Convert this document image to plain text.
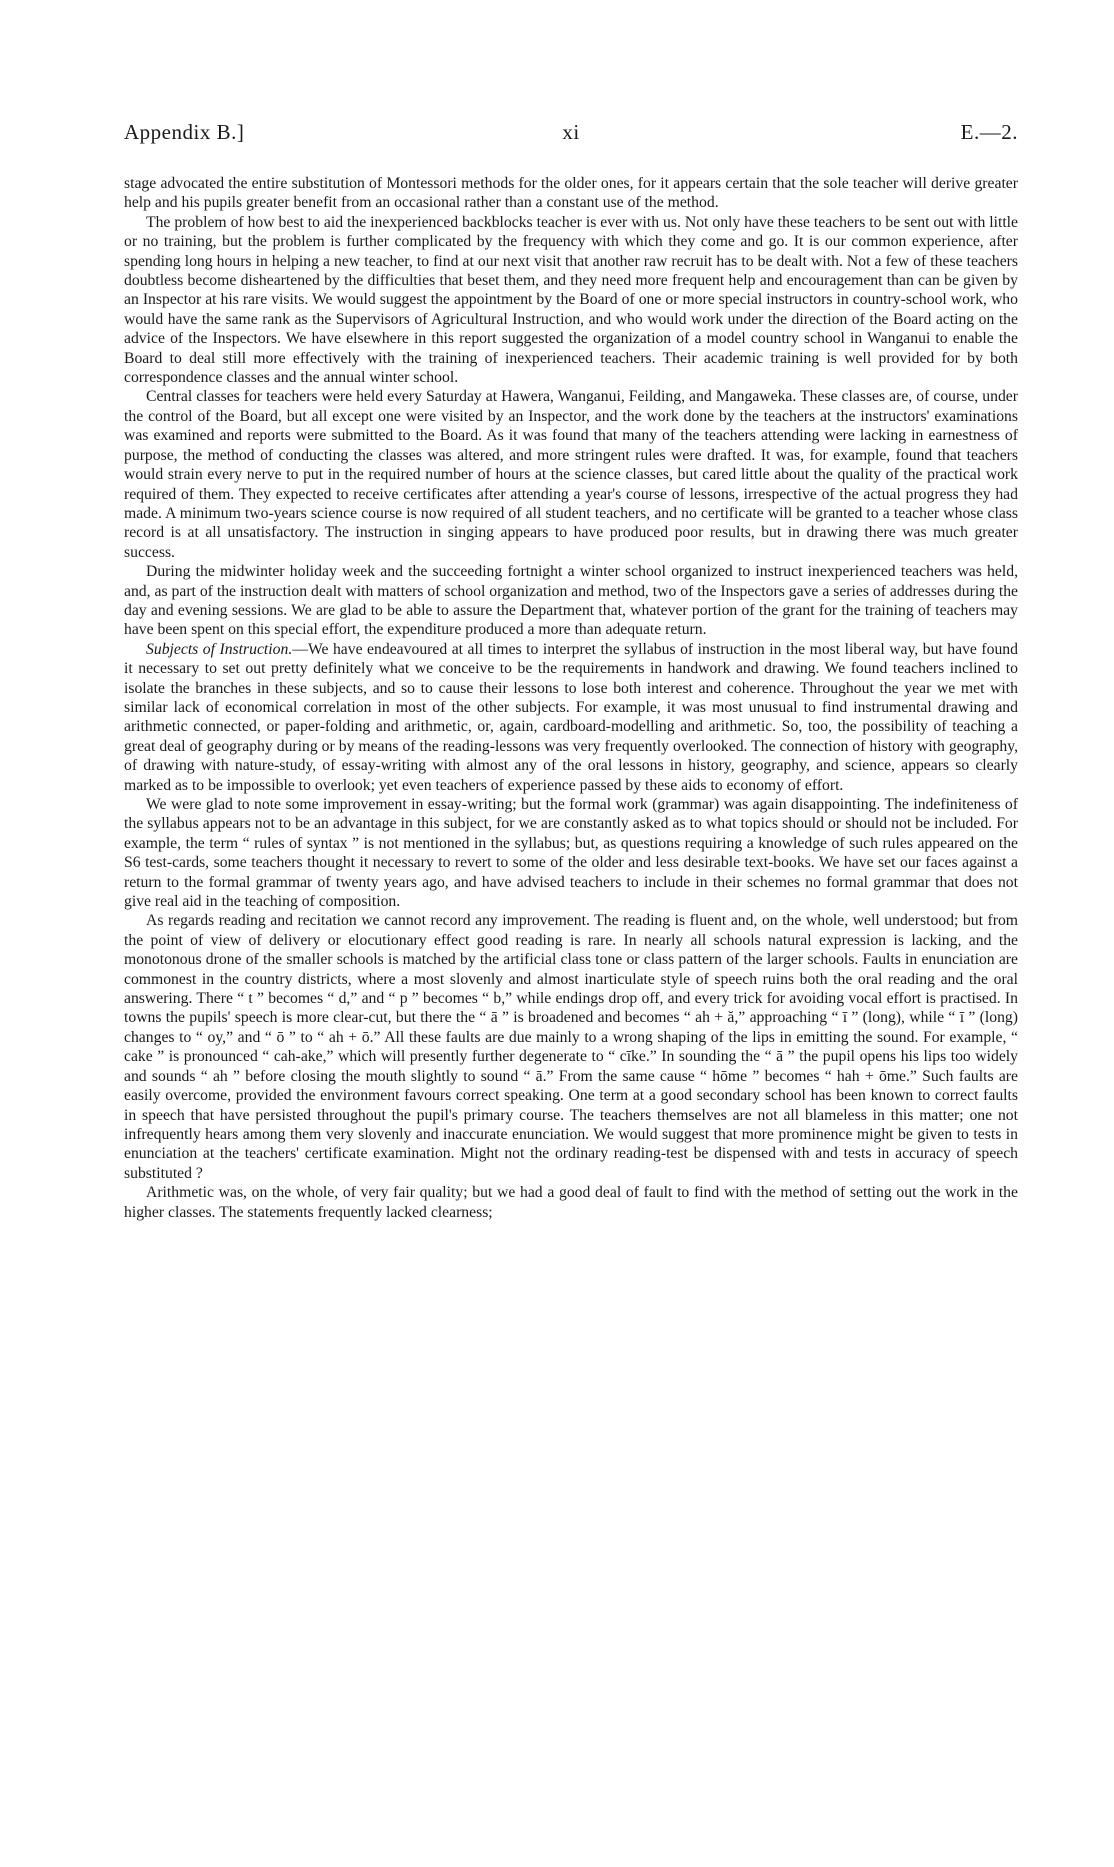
Appendix B.]	xi	E.—2.

stage advocated the entire substitution of Montessori methods for the older ones, for it appears certain that the sole teacher will derive greater help and his pupils greater benefit from an occasional rather than a constant use of the method.

The problem of how best to aid the inexperienced backblocks teacher is ever with us. Not only have these teachers to be sent out with little or no training, but the problem is further complicated by the frequency with which they come and go. It is our common experience, after spending long hours in helping a new teacher, to find at our next visit that another raw recruit has to be dealt with. Not a few of these teachers doubtless become disheartened by the difficulties that beset them, and they need more frequent help and encouragement than can be given by an Inspector at his rare visits. We would suggest the appointment by the Board of one or more special instructors in country-school work, who would have the same rank as the Supervisors of Agricultural Instruction, and who would work under the direction of the Board acting on the advice of the Inspectors. We have elsewhere in this report suggested the organization of a model country school in Wanganui to enable the Board to deal still more effectively with the training of inexperienced teachers. Their academic training is well provided for by both correspondence classes and the annual winter school.

Central classes for teachers were held every Saturday at Hawera, Wanganui, Feilding, and Mangaweka. These classes are, of course, under the control of the Board, but all except one were visited by an Inspector, and the work done by the teachers at the instructors' examinations was examined and reports were submitted to the Board. As it was found that many of the teachers attending were lacking in earnestness of purpose, the method of conducting the classes was altered, and more stringent rules were drafted. It was, for example, found that teachers would strain every nerve to put in the required number of hours at the science classes, but cared little about the quality of the practical work required of them. They expected to receive certificates after attending a year's course of lessons, irrespective of the actual progress they had made. A minimum two-years science course is now required of all student teachers, and no certificate will be granted to a teacher whose class record is at all unsatisfactory. The instruction in singing appears to have produced poor results, but in drawing there was much greater success.

During the midwinter holiday week and the succeeding fortnight a winter school organized to instruct inexperienced teachers was held, and, as part of the instruction dealt with matters of school organization and method, two of the Inspectors gave a series of addresses during the day and evening sessions. We are glad to be able to assure the Department that, whatever portion of the grant for the training of teachers may have been spent on this special effort, the expenditure produced a more than adequate return.

Subjects of Instruction.—We have endeavoured at all times to interpret the syllabus of instruction in the most liberal way, but have found it necessary to set out pretty definitely what we conceive to be the requirements in handwork and drawing. We found teachers inclined to isolate the branches in these subjects, and so to cause their lessons to lose both interest and coherence. Throughout the year we met with similar lack of economical correlation in most of the other subjects. For example, it was most unusual to find instrumental drawing and arithmetic connected, or paper-folding and arithmetic, or, again, cardboard-modelling and arithmetic. So, too, the possibility of teaching a great deal of geography during or by means of the reading-lessons was very frequently overlooked. The connection of history with geography, of drawing with nature-study, of essay-writing with almost any of the oral lessons in history, geography, and science, appears so clearly marked as to be impossible to overlook; yet even teachers of experience passed by these aids to economy of effort.

We were glad to note some improvement in essay-writing; but the formal work (grammar) was again disappointing. The indefiniteness of the syllabus appears not to be an advantage in this subject, for we are constantly asked as to what topics should or should not be included. For example, the term “ rules of syntax ” is not mentioned in the syllabus; but, as questions requiring a knowledge of such rules appeared on the S6 test-cards, some teachers thought it necessary to revert to some of the older and less desirable text-books. We have set our faces against a return to the formal grammar of twenty years ago, and have advised teachers to include in their schemes no formal grammar that does not give real aid in the teaching of composition.

As regards reading and recitation we cannot record any improvement. The reading is fluent and, on the whole, well understood; but from the point of view of delivery or elocutionary effect good reading is rare. In nearly all schools natural expression is lacking, and the monotonous drone of the smaller schools is matched by the artificial class tone or class pattern of the larger schools. Faults in enunciation are commonest in the country districts, where a most slovenly and almost inarticulate style of speech ruins both the oral reading and the oral answering. There “ t ” becomes “ d,” and “ p ” becomes “ b,” while endings drop off, and every trick for avoiding vocal effort is practised. In towns the pupils' speech is more clear-cut, but there the “ ā ” is broadened and becomes “ ah + ă,” approaching “ ī ” (long), while “ ī ” (long) changes to “ oy,” and “ ō ” to “ ah + ō.” All these faults are due mainly to a wrong shaping of the lips in emitting the sound. For example, “ cake ” is pronounced “ cah-ake,” which will presently further degenerate to “ cīke.” In sounding the “ ā ” the pupil opens his lips too widely and sounds “ ah ” before closing the mouth slightly to sound “ ā.” From the same cause “ hōme ” becomes “ hah + ōme.” Such faults are easily overcome, provided the environment favours correct speaking. One term at a good secondary school has been known to correct faults in speech that have persisted throughout the pupil's primary course. The teachers themselves are not all blameless in this matter; one not infrequently hears among them very slovenly and inaccurate enunciation. We would suggest that more prominence might be given to tests in enunciation at the teachers' certificate examination. Might not the ordinary reading-test be dispensed with and tests in accuracy of speech substituted ?

Arithmetic was, on the whole, of very fair quality; but we had a good deal of fault to find with the method of setting out the work in the higher classes. The statements frequently lacked clearness;
